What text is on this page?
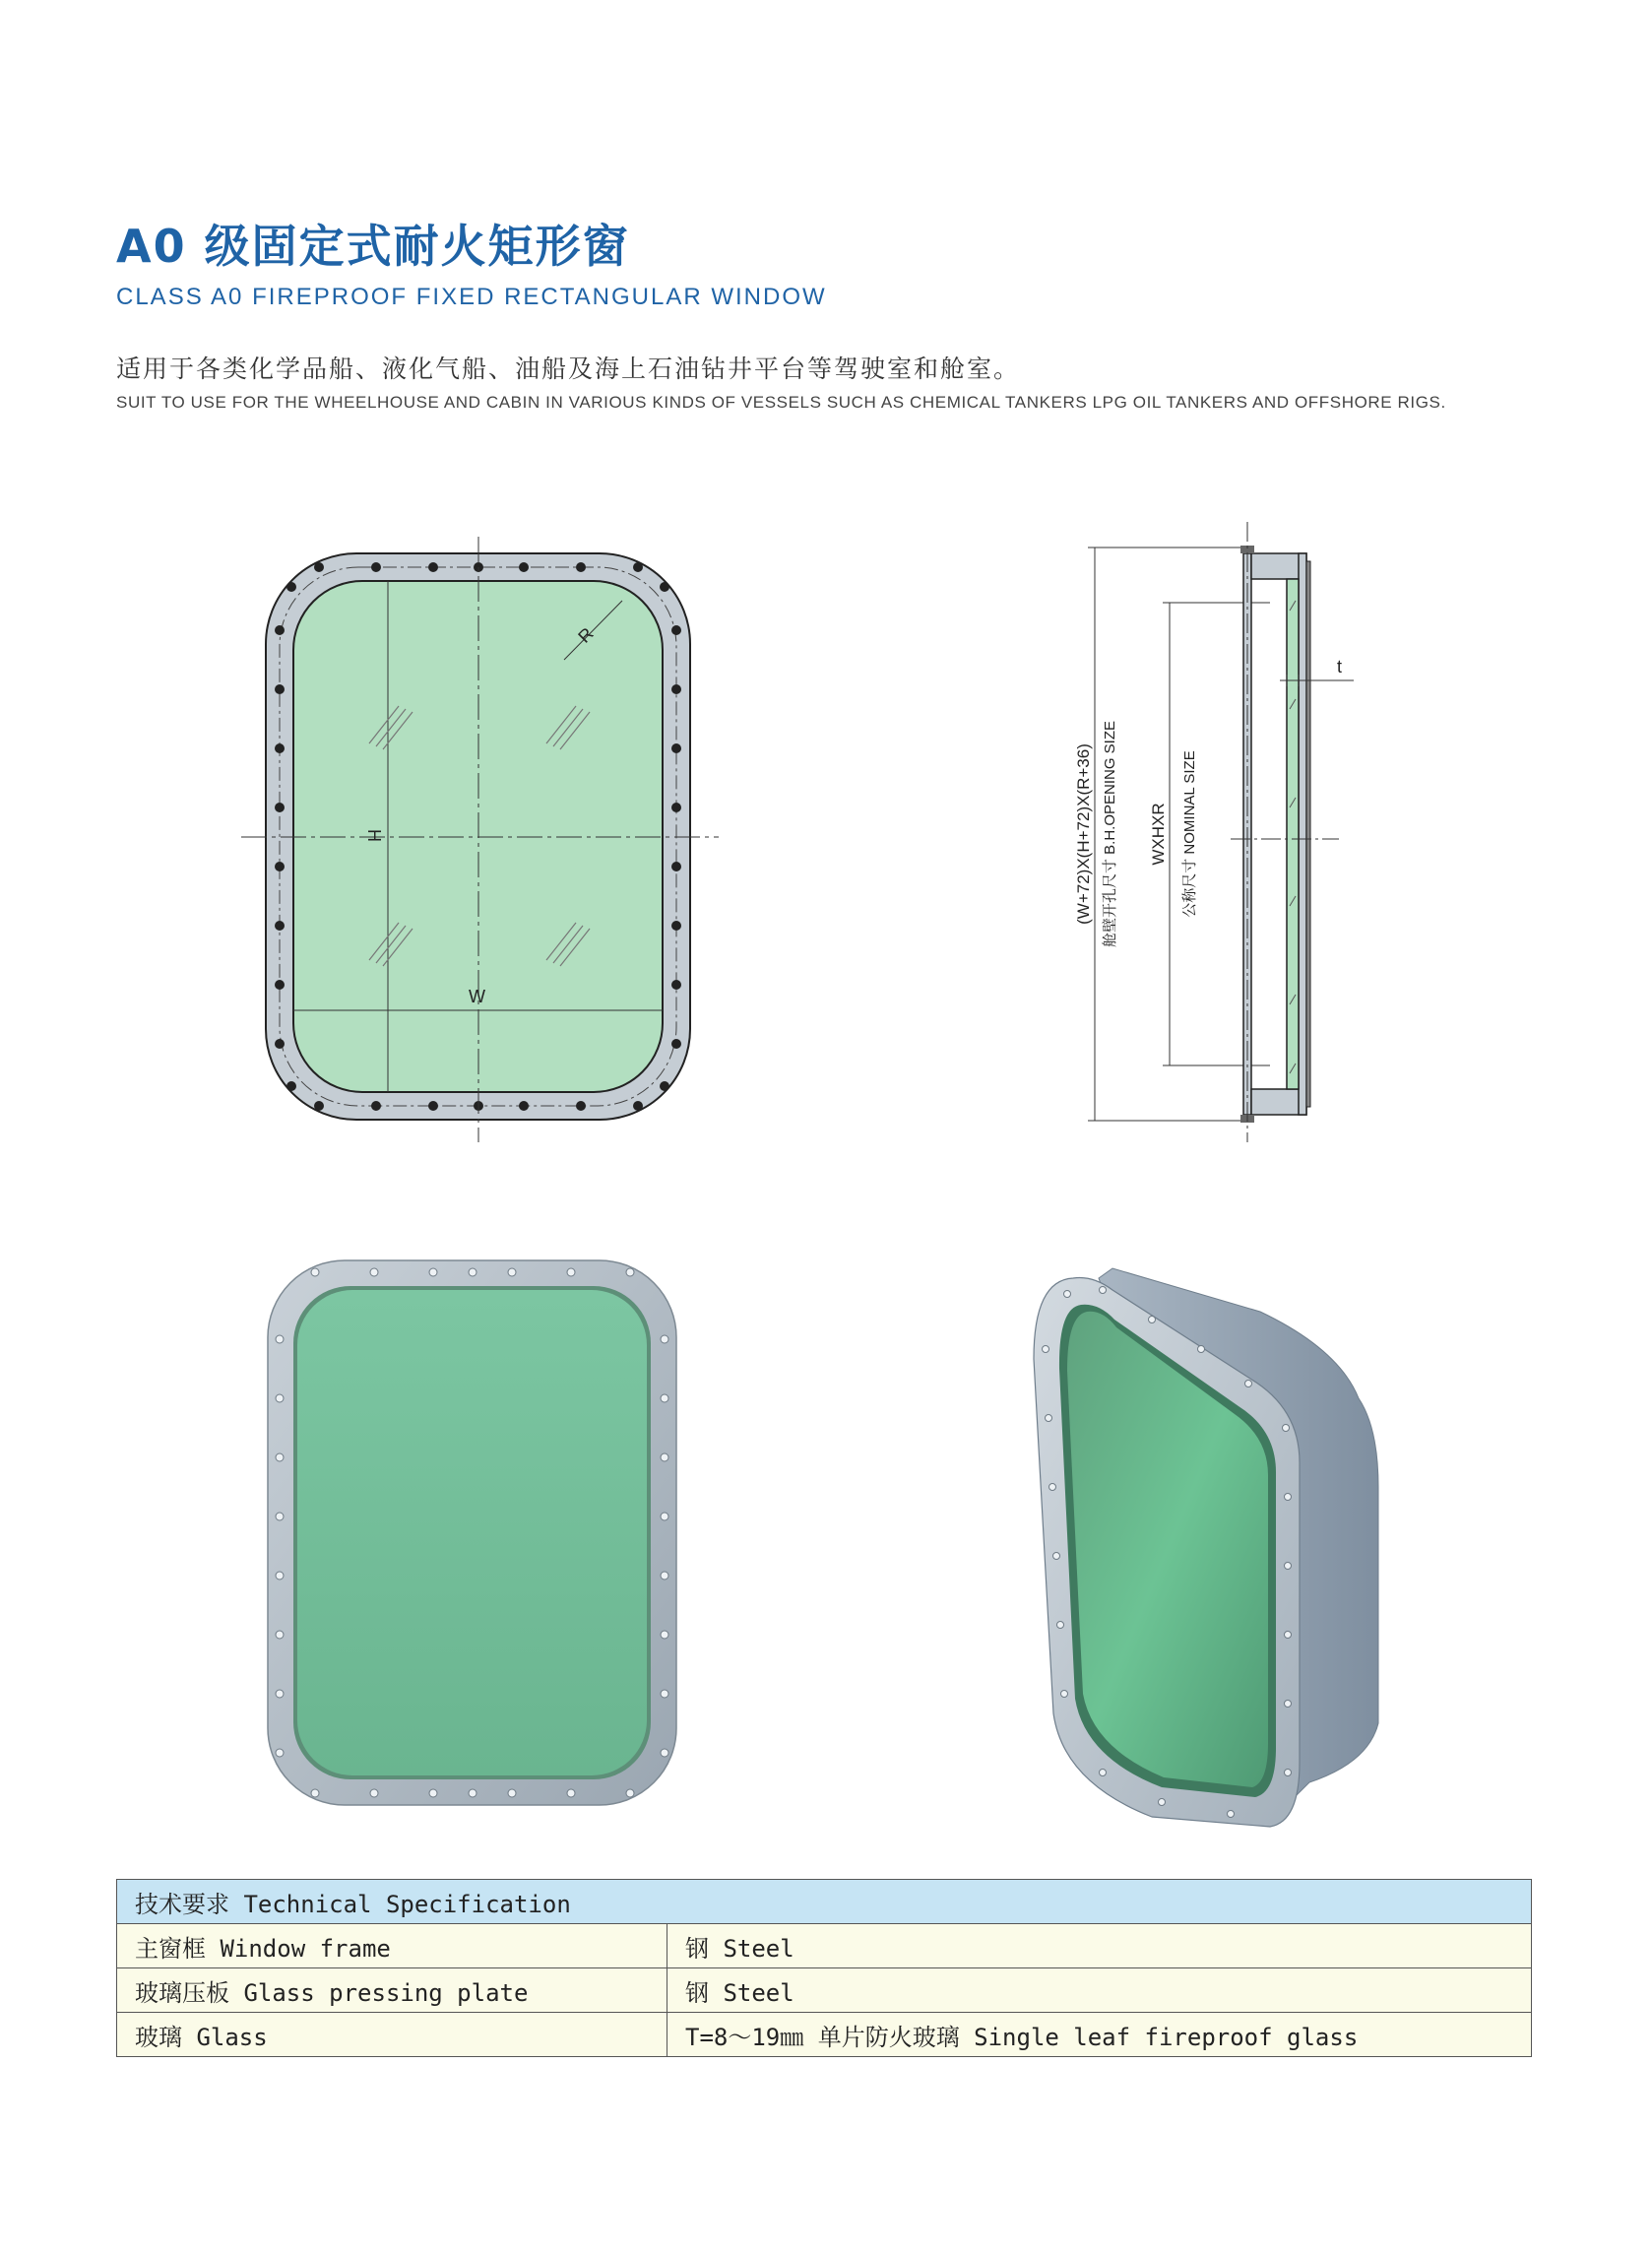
A0 级固定式耐火矩形窗
CLASS A0 FIREPROOF FIXED RECTANGULAR WINDOW
适用于各类化学品船、液化气船、油船及海上石油钻井平台等驾驶室和舱室。
SUIT TO USE FOR THE WHEELHOUSE AND CABIN IN VARIOUS KINDS OF VESSELS SUCH AS CHEMICAL TANKERS LPG OIL TANKERS AND OFFSHORE RIGS.
R
H
W
t
(W+72)X(H+72)X(R+36) 舱壁开孔尺寸 B.H.OPENING SIZE WXHXR 公称尺寸 NOMINAL SIZE
技术要求 Technical Specification	
主窗框 Window frame	钢 Steel
玻璃压板 Glass pressing plate	钢 Steel
玻璃 Glass	T=8～19㎜ 单片防火玻璃 Single leaf fireproof glass
